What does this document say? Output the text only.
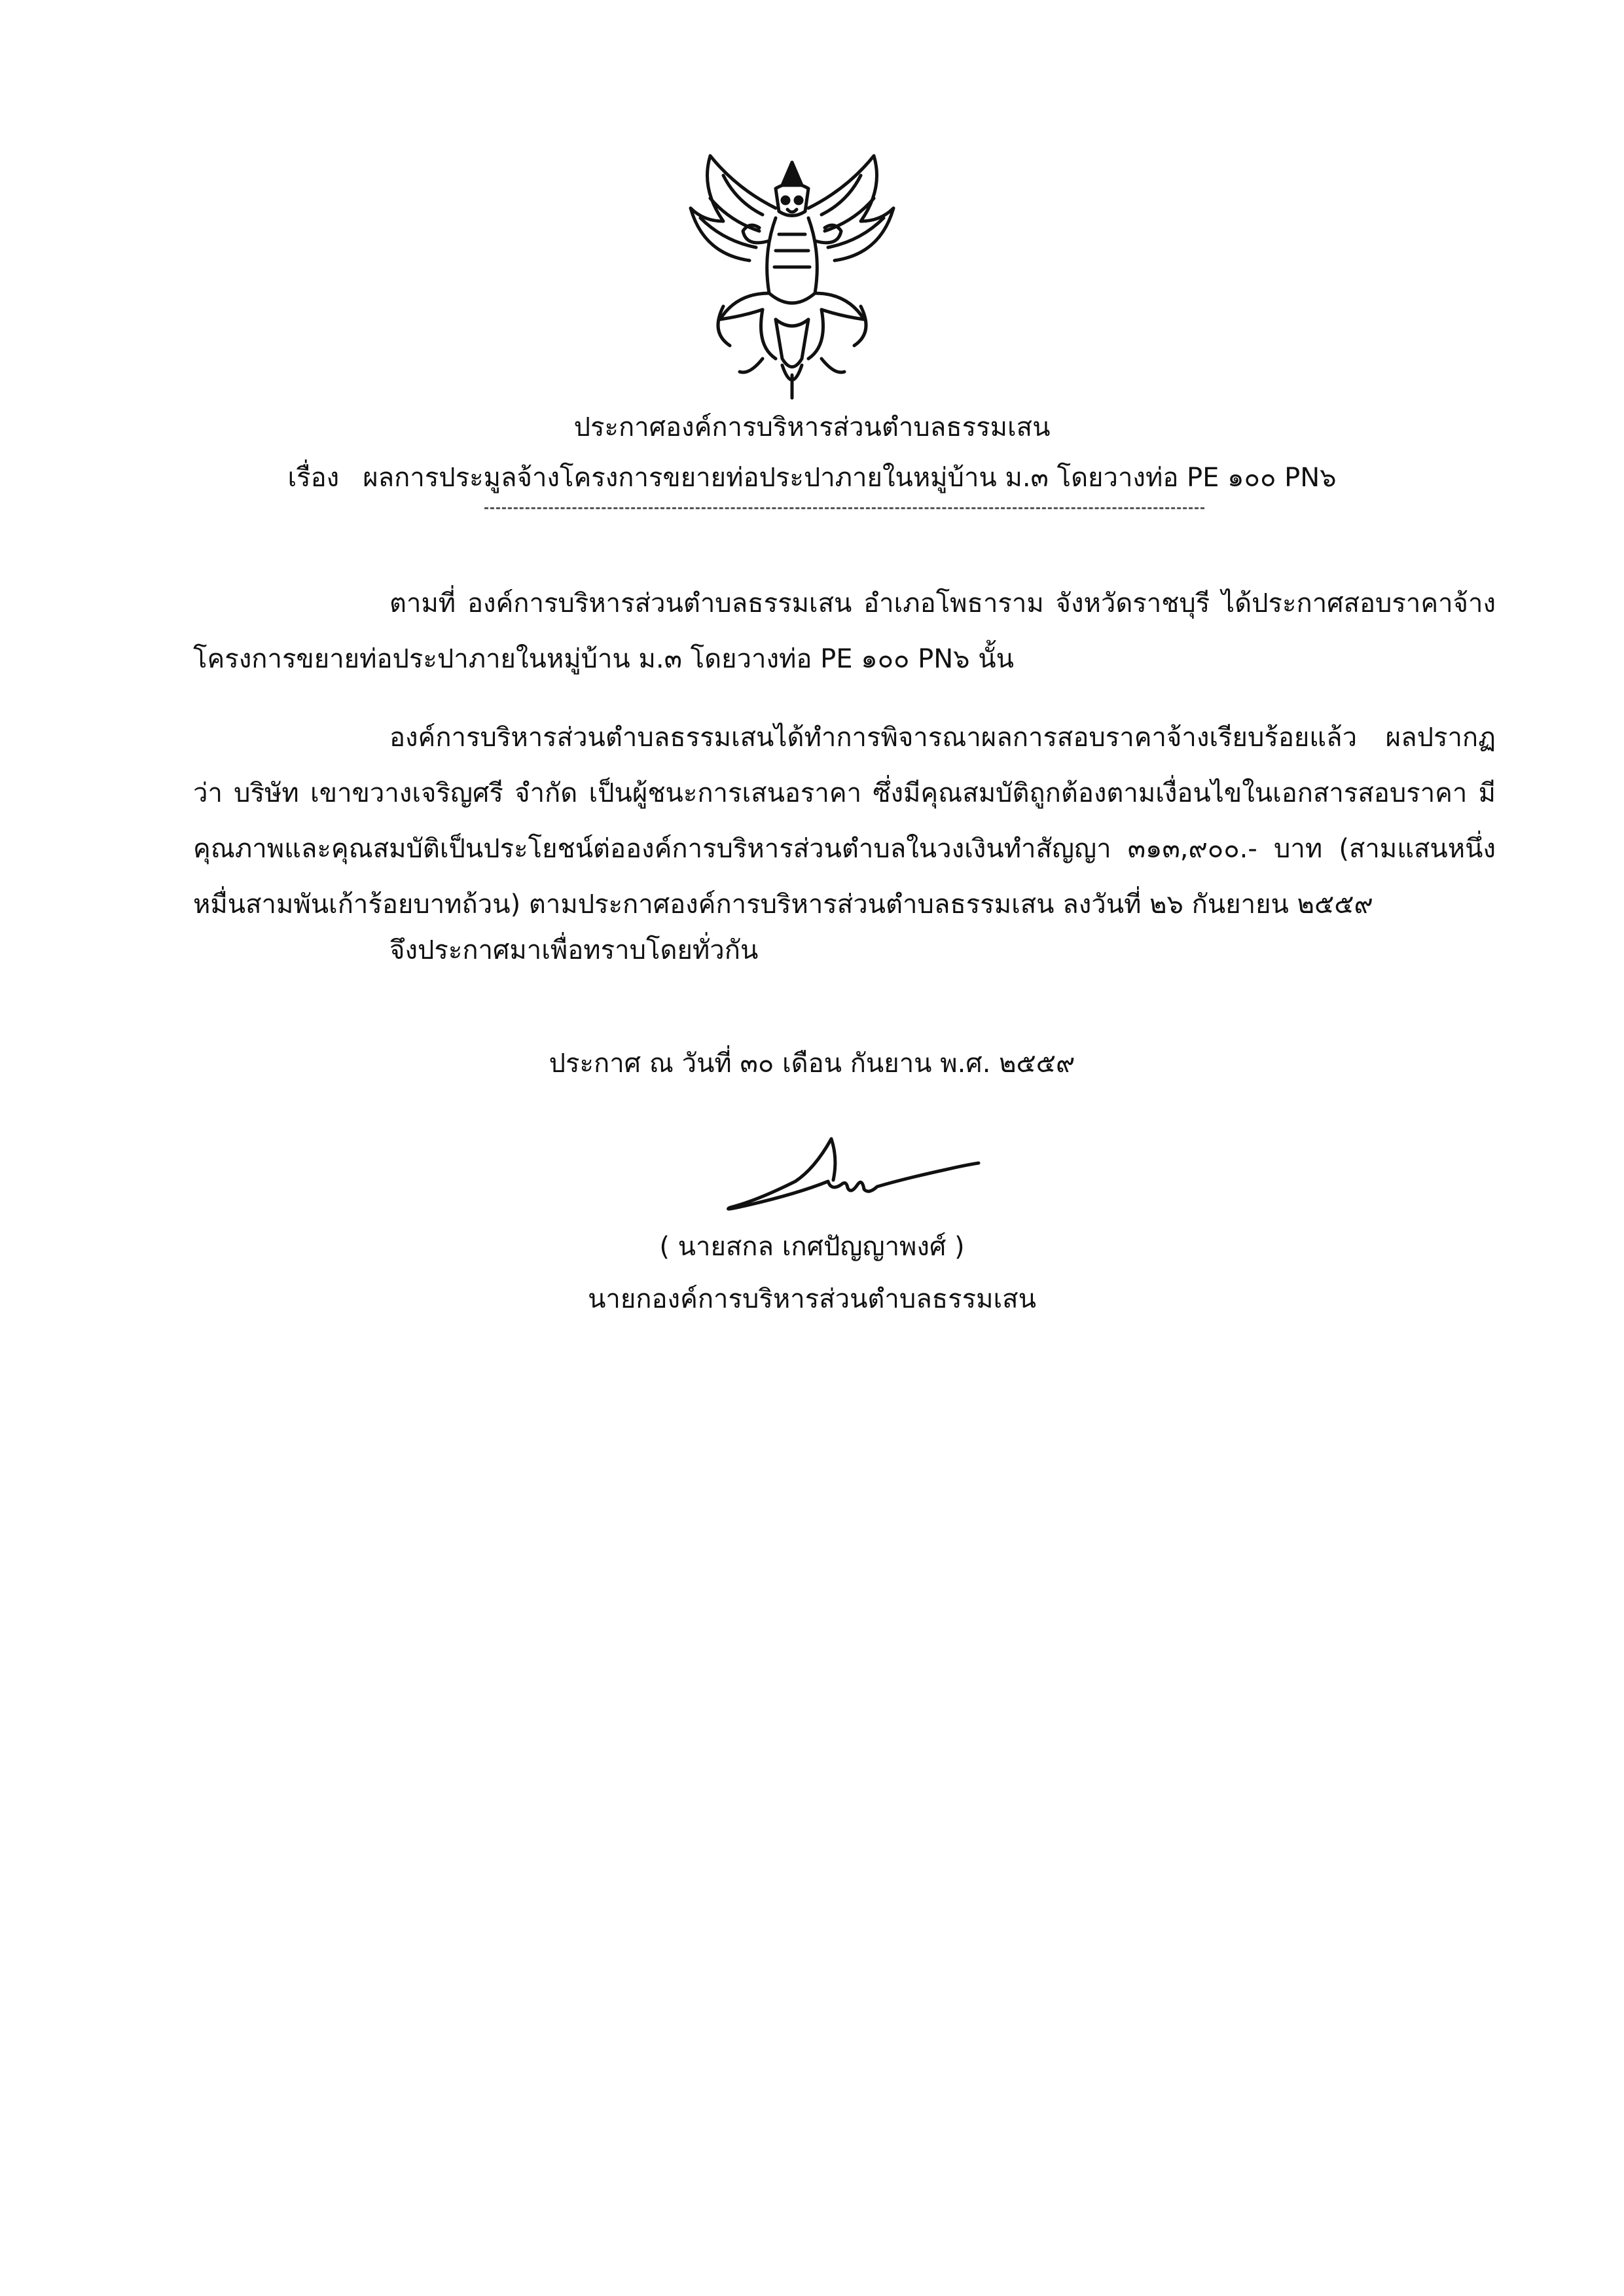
ประกาศองค์การบริหารส่วนตำบลธรรมเสน
เรื่อง ผลการประมูลจ้างโครงการขยายท่อประปาภายในหมู่บ้าน ม.๓ โดยวางท่อ PE ๑๐๐ PN๖
ตามที่ องค์การบริหารส่วนตำบลธรรมเสน อำเภอโพธาราม จังหวัดราชบุรี ได้ประกาศสอบราคาจ้างโครงการขยายท่อประปาภายในหมู่บ้าน ม.๓ โดยวางท่อ PE ๑๐๐ PN๖ นั้น
องค์การบริหารส่วนตำบลธรรมเสนได้ทำการพิจารณาผลการสอบราคาจ้างเรียบร้อยแล้ว ผลปรากฏว่า บริษัท เขาขวางเจริญศรี จำกัด เป็นผู้ชนะการเสนอราคา ซึ่งมีคุณสมบัติถูกต้องตามเงื่อนไขในเอกสารสอบราคา มีคุณภาพและคุณสมบัติเป็นประโยชน์ต่อองค์การบริหารส่วนตำบลในวงเงินทำสัญญา ๓๑๓,๙๐๐.- บาท (สามแสนหนึ่งหมื่นสามพันเก้าร้อยบาทถ้วน) ตามประกาศองค์การบริหารส่วนตำบลธรรมเสน ลงวันที่ ๒๖ กันยายน ๒๕๕๙
จึงประกาศมาเพื่อทราบโดยทั่วกัน
ประกาศ ณ วันที่ ๓๐ เดือน กันยาน พ.ศ. ๒๕๕๙
( นายสกล เกศปัญญาพงศ์ )
นายกองค์การบริหารส่วนตำบลธรรมเสน
